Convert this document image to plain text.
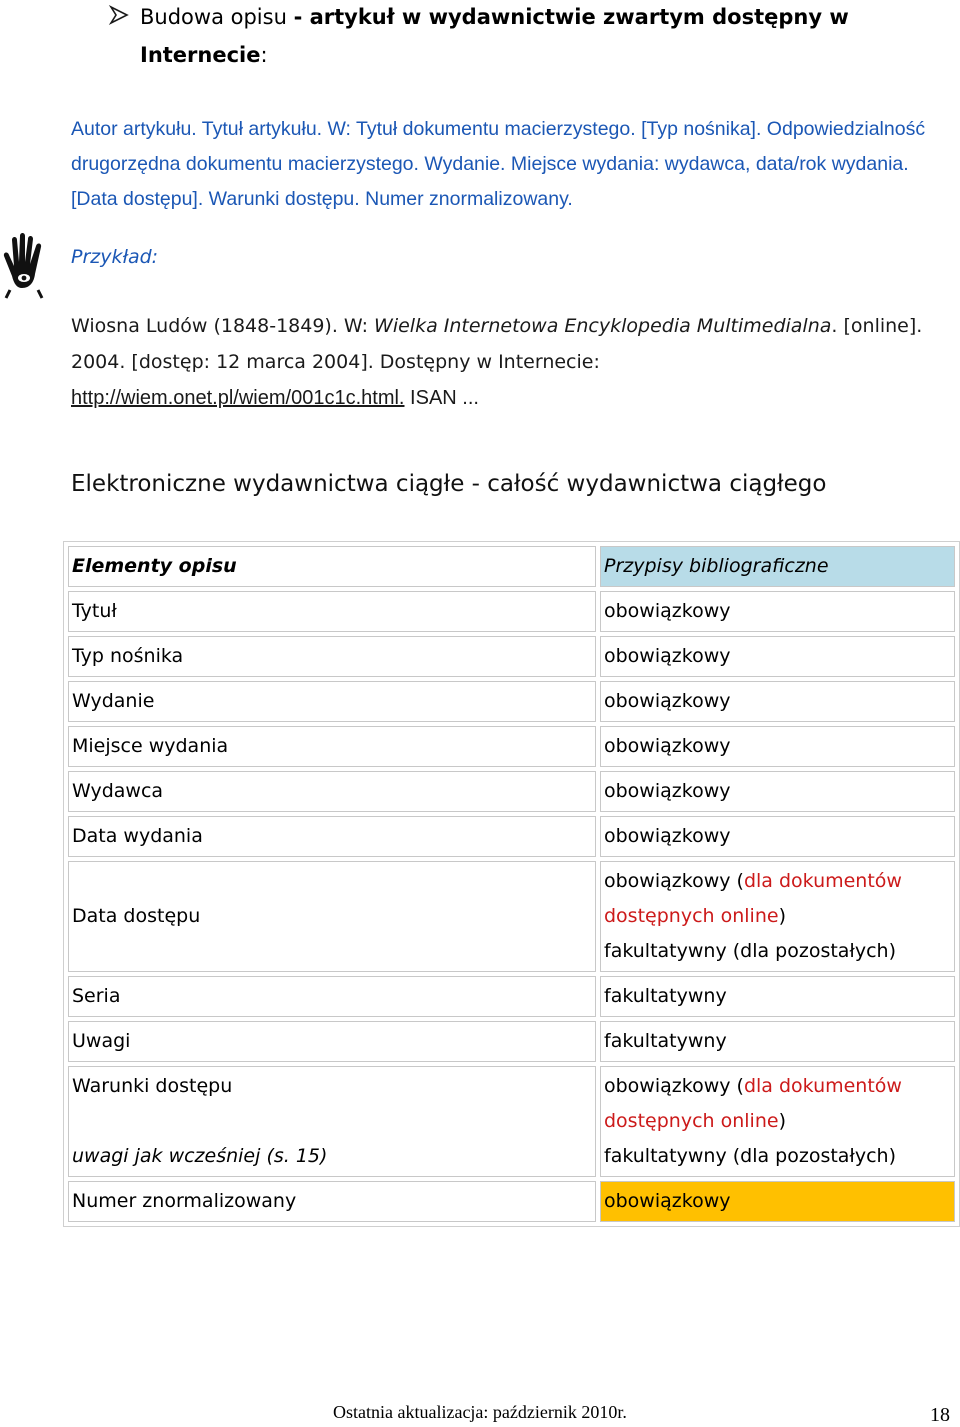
Budowa opisu - artykuł w wydawnictwie zwartym dostępny w Internecie:
Autor artykułu. Tytuł artykułu. W: Tytuł dokumentu macierzystego. [Typ nośnika]. Odpowiedzialność drugorzędna dokumentu macierzystego. Wydanie. Miejsce wydania: wydawca, data/rok wydania. [Data dostępu]. Warunki dostępu. Numer znormalizowany.
Przykład:
Wiosna Ludów (1848-1849). W: Wielka Internetowa Encyklopedia Multimedialna. [online]. 2004. [dostęp: 12 marca 2004]. Dostępny w Internecie: http://wiem.onet.pl/wiem/001c1c.html. ISAN ...
Elektroniczne wydawnictwa ciągłe - całość wydawnictwa ciągłego
Elementy opisu	Przypisy bibliograficzne
Tytuł	obowiązkowy
Typ nośnika	obowiązkowy
Wydanie	obowiązkowy
Miejsce wydania	obowiązkowy
Wydawca	obowiązkowy
Data wydania	obowiązkowy
Data dostępu	obowiązkowy (dla dokumentów dostępnych online)
fakultatywny (dla pozostałych)
Seria	fakultatywny
Uwagi	fakultatywny
Warunki dostępu

uwagi jak wcześniej (s. 15)	obowiązkowy (dla dokumentów dostępnych online)
fakultatywny (dla pozostałych)
Numer znormalizowany	obowiązkowy
Ostatnia aktualizacja: październik 2010r.	18
